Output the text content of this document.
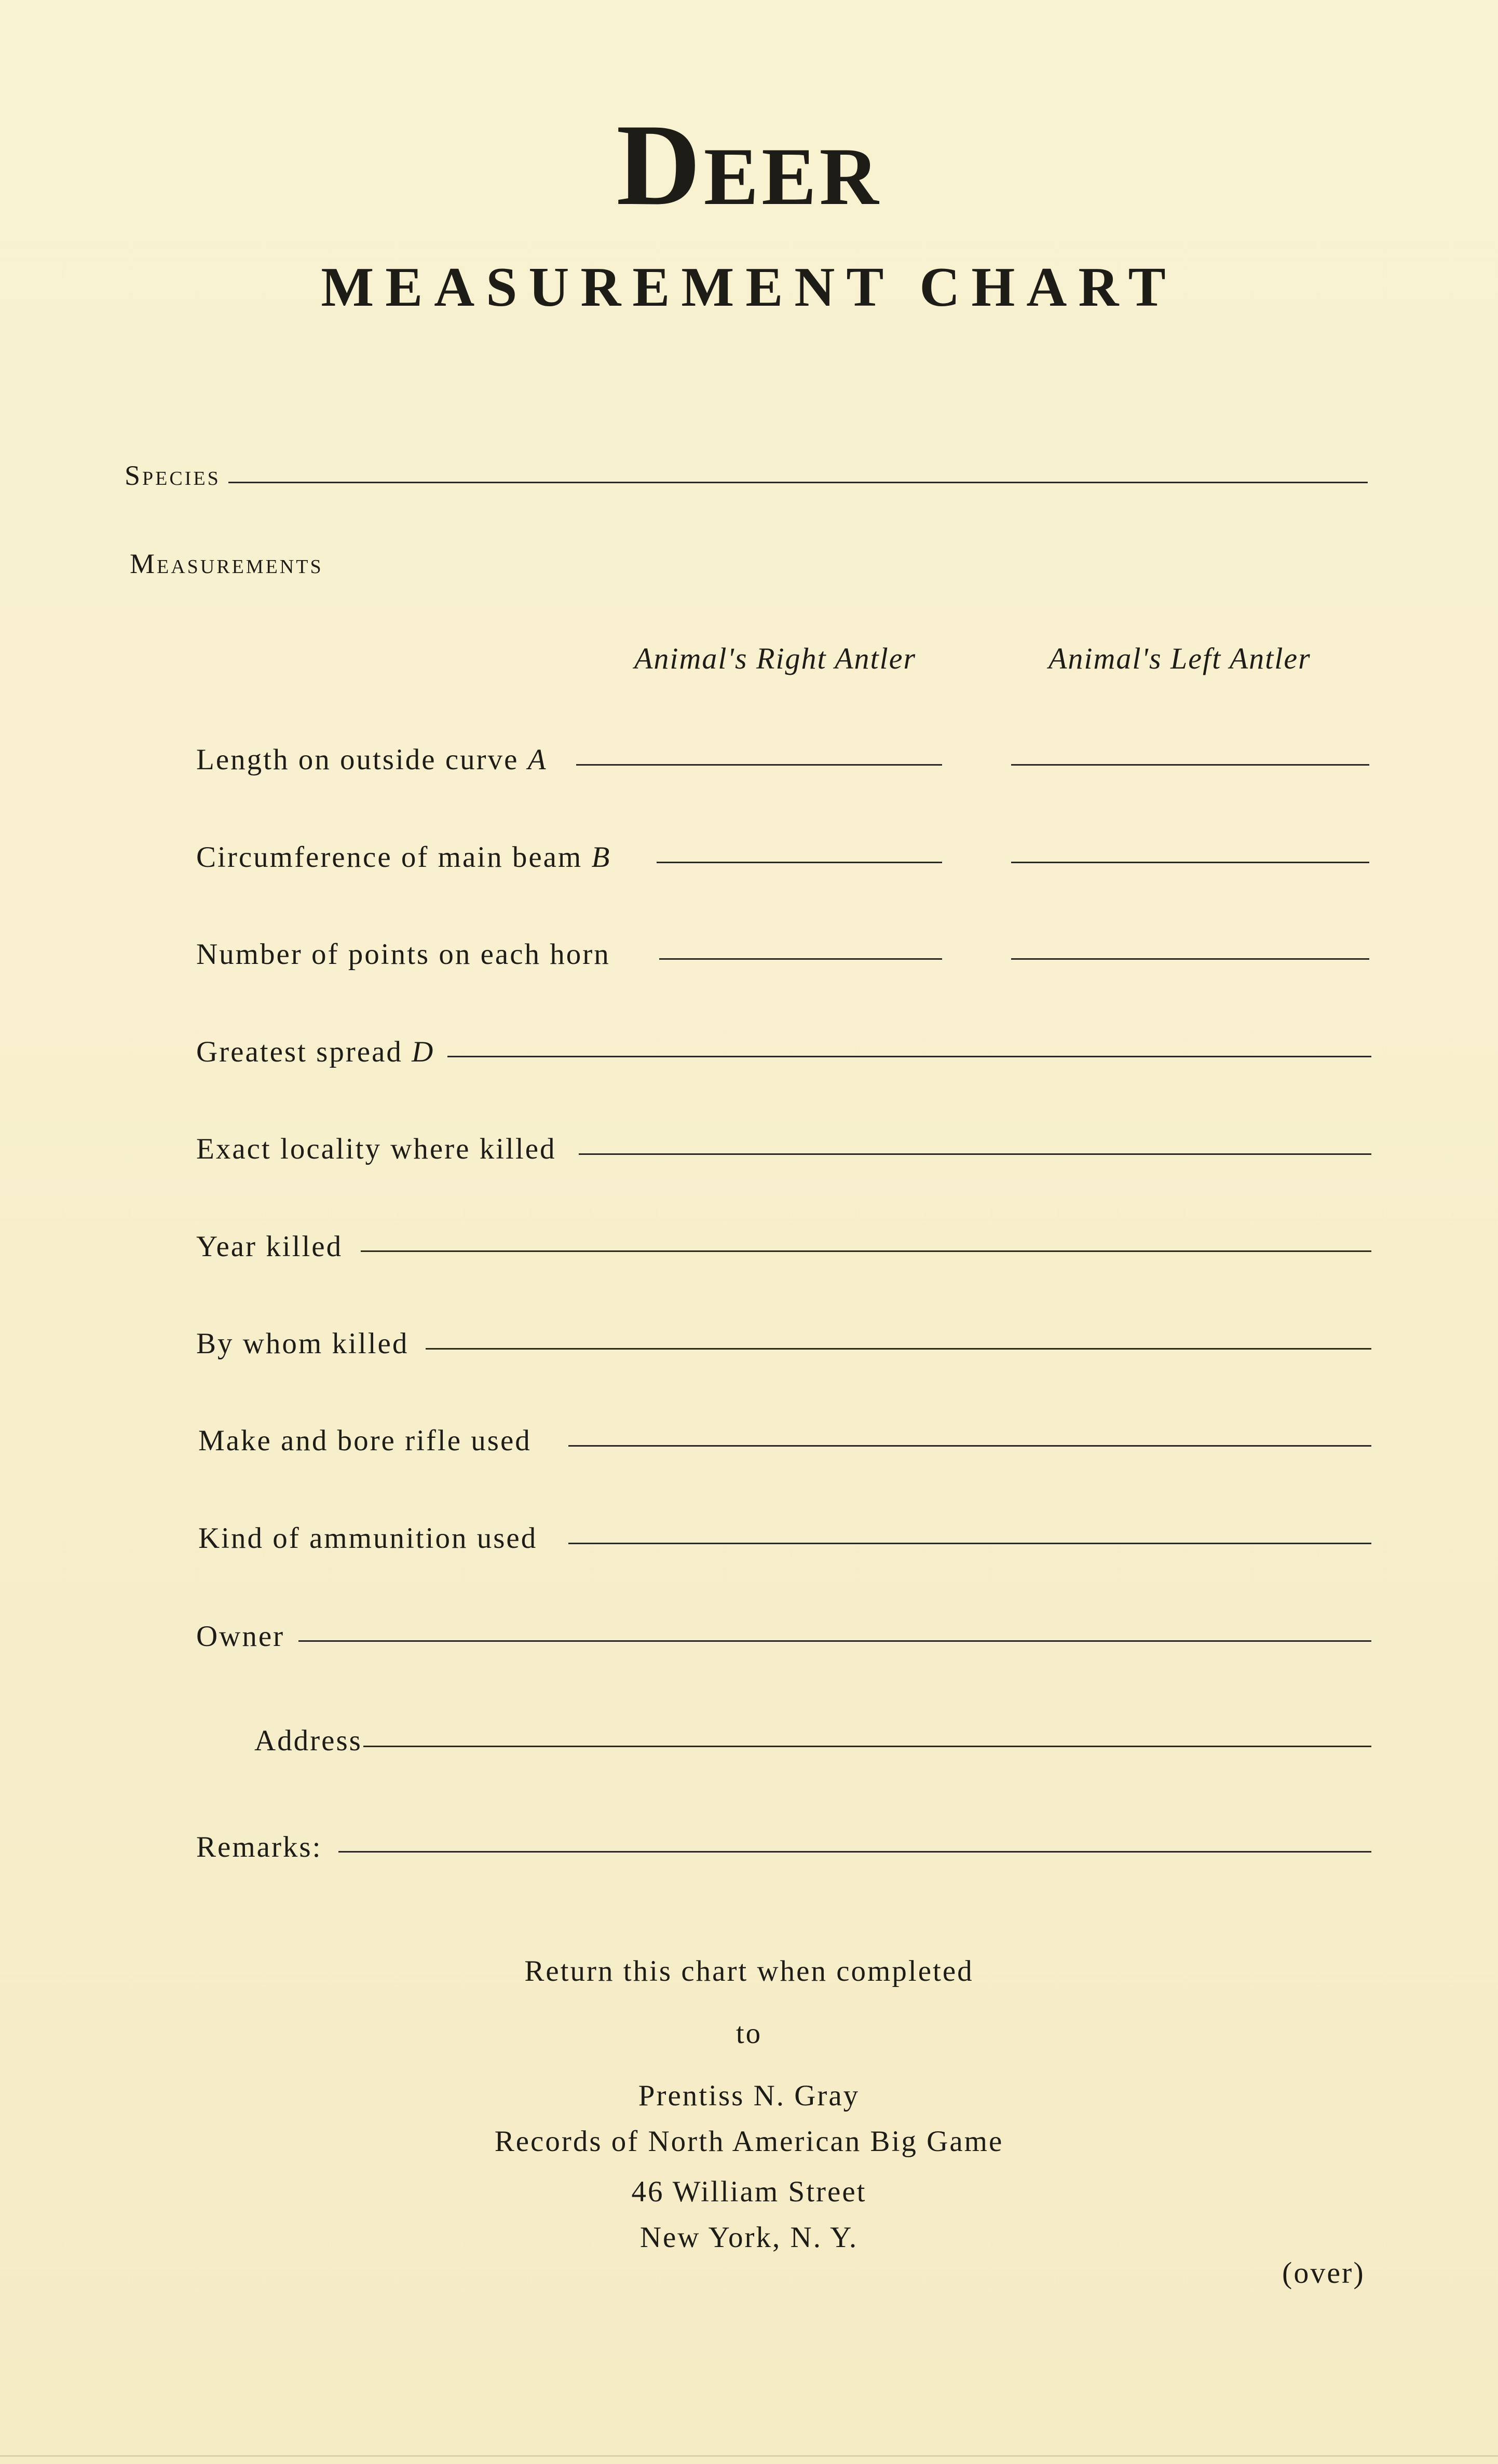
Deer
MEASUREMENT CHART
Species
Measurements
Animal's Right Antler	Animal's Left Antler
Length on outside curve A
Circumference of main beam B
Number of points on each horn
Greatest spread D
Exact locality where killed
Year killed
By whom killed
Make and bore rifle used
Kind of ammunition used
Owner
Address
Remarks:
Return this chart when completed
to
Prentiss N. Gray
Records of North American Big Game
46 William Street
New York, N. Y.
(over)
